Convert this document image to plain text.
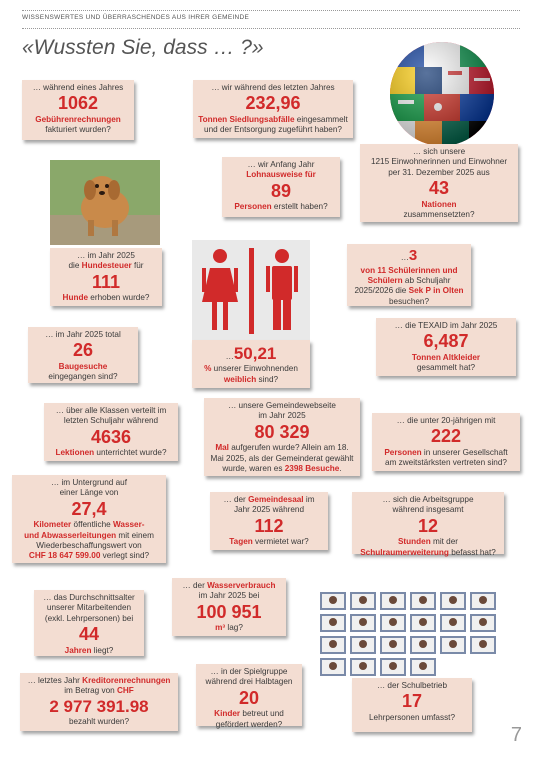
WISSENSWERTES UND ÜBERRASCHENDES AUS IHRER GEMEINDE
«Wussten Sie, dass … ?»
… während eines Jahres
1062
Gebührenrechnungen
fakturiert wurden?
… wir während des letzten Jahres
232,96
Tonnen Siedlungsabfälle eingesammelt
und der Entsorgung zugeführt haben?
… sich unsere
1215 Einwohnerinnen und Einwohner
per 31. Dezember 2025 aus
43
Nationen
zusammensetzten?
… wir Anfang Jahr
Lohnausweise für
89
Personen erstellt haben?
… im Jahr 2025
die Hundesteuer für
111
Hunde erhoben wurde?
…3
von 11 Schülerinnen und Schülern ab Schuljahr
2025/2026 die Sek P in Olten
besuchen?
… im Jahr 2025 total
26
Baugesuche
eingegangen sind?
…50,21
% unserer Einwohnenden
weiblich sind?
… die TEXAID im Jahr 2025
6,487
Tonnen Altkleider
gesammelt hat?
… über alle Klassen verteilt im
letzten Schuljahr während
4636
Lektionen unterrichtet wurde?
… unsere Gemeindewebseite
im Jahr 2025
80 329
Mal aufgerufen wurde? Allein am 18.
Mai 2025, als der Gemeinderat gewählt
wurde, waren es 2398 Besuche.
… die unter 20-jährigen mit
222
Personen in unserer Gesellschaft
am zweitstärksten vertreten sind?
… im Untergrund auf
einer Länge von
27,4
Kilometer öffentliche Wasser-
und Abwasserleitungen mit einem
Wiederbeschaffungswert von
CHF 18 647 599.00 verlegt sind?
… der Gemeindesaal im
Jahr 2025 während
112
Tagen vermietet war?
… sich die Arbeitsgruppe
während insgesamt
12
Stunden mit der
Schulraumerweiterung befasst hat?
… der Wasserverbrauch
im Jahr 2025 bei
100 951
m³ lag?
… das Durchschnittsalter
unserer Mitarbeitenden
(exkl. Lehrpersonen) bei
44
Jahren liegt?
… in der Spielgruppe
während drei Halbtagen
20
Kinder betreut und
gefördert werden?
… letztes Jahr Kreditorenrechnungen
im Betrag von CHF
2 977 391.98
bezahlt wurden?
… der Schulbetrieb
17
Lehrpersonen umfasst?
7
